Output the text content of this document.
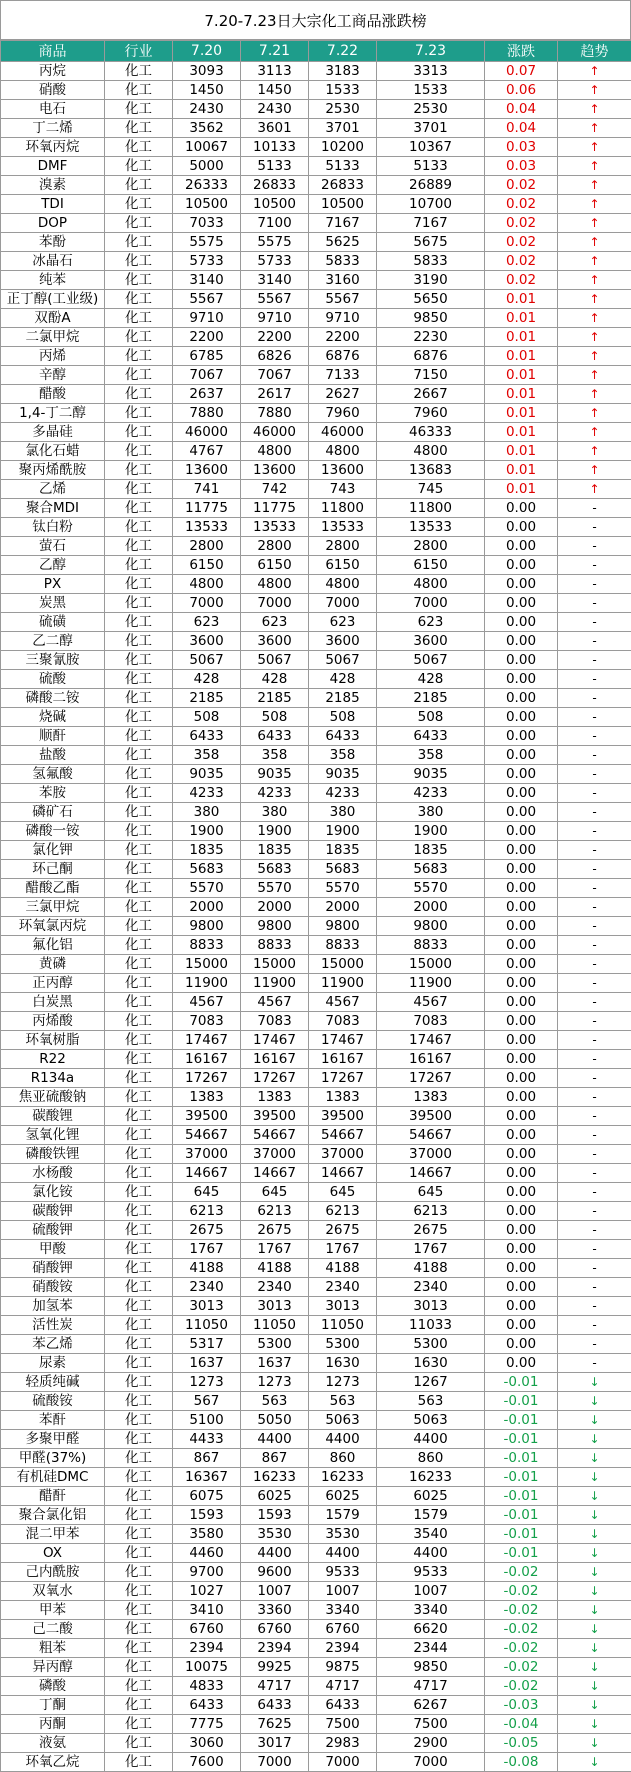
7.20-7.23日大宗化工商品涨跌榜
商品	行业	7.20	7.21	7.22	7.23	涨跌	趋势
丙烷	化工	3093	3113	3183	3313	0.07	↑
硝酸	化工	1450	1450	1533	1533	0.06	↑
电石	化工	2430	2430	2530	2530	0.04	↑
丁二烯	化工	3562	3601	3701	3701	0.04	↑
环氧丙烷	化工	10067	10133	10200	10367	0.03	↑
DMF	化工	5000	5133	5133	5133	0.03	↑
溴素	化工	26333	26833	26833	26889	0.02	↑
TDI	化工	10500	10500	10500	10700	0.02	↑
DOP	化工	7033	7100	7167	7167	0.02	↑
苯酚	化工	5575	5575	5625	5675	0.02	↑
冰晶石	化工	5733	5733	5833	5833	0.02	↑
纯苯	化工	3140	3140	3160	3190	0.02	↑
正丁醇(工业级)	化工	5567	5567	5567	5650	0.01	↑
双酚A	化工	9710	9710	9710	9850	0.01	↑
二氯甲烷	化工	2200	2200	2200	2230	0.01	↑
丙烯	化工	6785	6826	6876	6876	0.01	↑
辛醇	化工	7067	7067	7133	7150	0.01	↑
醋酸	化工	2637	2617	2627	2667	0.01	↑
1,4-丁二醇	化工	7880	7880	7960	7960	0.01	↑
多晶硅	化工	46000	46000	46000	46333	0.01	↑
氯化石蜡	化工	4767	4800	4800	4800	0.01	↑
聚丙烯酰胺	化工	13600	13600	13600	13683	0.01	↑
乙烯	化工	741	742	743	745	0.01	↑
聚合MDI	化工	11775	11775	11800	11800	0.00	-
钛白粉	化工	13533	13533	13533	13533	0.00	-
萤石	化工	2800	2800	2800	2800	0.00	-
乙醇	化工	6150	6150	6150	6150	0.00	-
PX	化工	4800	4800	4800	4800	0.00	-
炭黑	化工	7000	7000	7000	7000	0.00	-
硫磺	化工	623	623	623	623	0.00	-
乙二醇	化工	3600	3600	3600	3600	0.00	-
三聚氰胺	化工	5067	5067	5067	5067	0.00	-
硫酸	化工	428	428	428	428	0.00	-
磷酸二铵	化工	2185	2185	2185	2185	0.00	-
烧碱	化工	508	508	508	508	0.00	-
顺酐	化工	6433	6433	6433	6433	0.00	-
盐酸	化工	358	358	358	358	0.00	-
氢氟酸	化工	9035	9035	9035	9035	0.00	-
苯胺	化工	4233	4233	4233	4233	0.00	-
磷矿石	化工	380	380	380	380	0.00	-
磷酸一铵	化工	1900	1900	1900	1900	0.00	-
氯化钾	化工	1835	1835	1835	1835	0.00	-
环己酮	化工	5683	5683	5683	5683	0.00	-
醋酸乙酯	化工	5570	5570	5570	5570	0.00	-
三氯甲烷	化工	2000	2000	2000	2000	0.00	-
环氧氯丙烷	化工	9800	9800	9800	9800	0.00	-
氟化铝	化工	8833	8833	8833	8833	0.00	-
黄磷	化工	15000	15000	15000	15000	0.00	-
正丙醇	化工	11900	11900	11900	11900	0.00	-
白炭黑	化工	4567	4567	4567	4567	0.00	-
丙烯酸	化工	7083	7083	7083	7083	0.00	-
环氧树脂	化工	17467	17467	17467	17467	0.00	-
R22	化工	16167	16167	16167	16167	0.00	-
R134a	化工	17267	17267	17267	17267	0.00	-
焦亚硫酸钠	化工	1383	1383	1383	1383	0.00	-
碳酸锂	化工	39500	39500	39500	39500	0.00	-
氢氧化锂	化工	54667	54667	54667	54667	0.00	-
磷酸铁锂	化工	37000	37000	37000	37000	0.00	-
水杨酸	化工	14667	14667	14667	14667	0.00	-
氯化铵	化工	645	645	645	645	0.00	-
碳酸钾	化工	6213	6213	6213	6213	0.00	-
硫酸钾	化工	2675	2675	2675	2675	0.00	-
甲酸	化工	1767	1767	1767	1767	0.00	-
硝酸钾	化工	4188	4188	4188	4188	0.00	-
硝酸铵	化工	2340	2340	2340	2340	0.00	-
加氢苯	化工	3013	3013	3013	3013	0.00	-
活性炭	化工	11050	11050	11050	11033	0.00	-
苯乙烯	化工	5317	5300	5300	5300	0.00	-
尿素	化工	1637	1637	1630	1630	0.00	-
轻质纯碱	化工	1273	1273	1273	1267	-0.01	↓
硫酸铵	化工	567	563	563	563	-0.01	↓
苯酐	化工	5100	5050	5063	5063	-0.01	↓
多聚甲醛	化工	4433	4400	4400	4400	-0.01	↓
甲醛(37%)	化工	867	867	860	860	-0.01	↓
有机硅DMC	化工	16367	16233	16233	16233	-0.01	↓
醋酐	化工	6075	6025	6025	6025	-0.01	↓
聚合氯化铝	化工	1593	1593	1579	1579	-0.01	↓
混二甲苯	化工	3580	3530	3530	3540	-0.01	↓
OX	化工	4460	4400	4400	4400	-0.01	↓
己内酰胺	化工	9700	9600	9533	9533	-0.02	↓
双氧水	化工	1027	1007	1007	1007	-0.02	↓
甲苯	化工	3410	3360	3340	3340	-0.02	↓
己二酸	化工	6760	6760	6760	6620	-0.02	↓
粗苯	化工	2394	2394	2394	2344	-0.02	↓
异丙醇	化工	10075	9925	9875	9850	-0.02	↓
磷酸	化工	4833	4717	4717	4717	-0.02	↓
丁酮	化工	6433	6433	6433	6267	-0.03	↓
丙酮	化工	7775	7625	7500	7500	-0.04	↓
液氨	化工	3060	3017	2983	2900	-0.05	↓
环氧乙烷	化工	7600	7000	7000	7000	-0.08	↓
